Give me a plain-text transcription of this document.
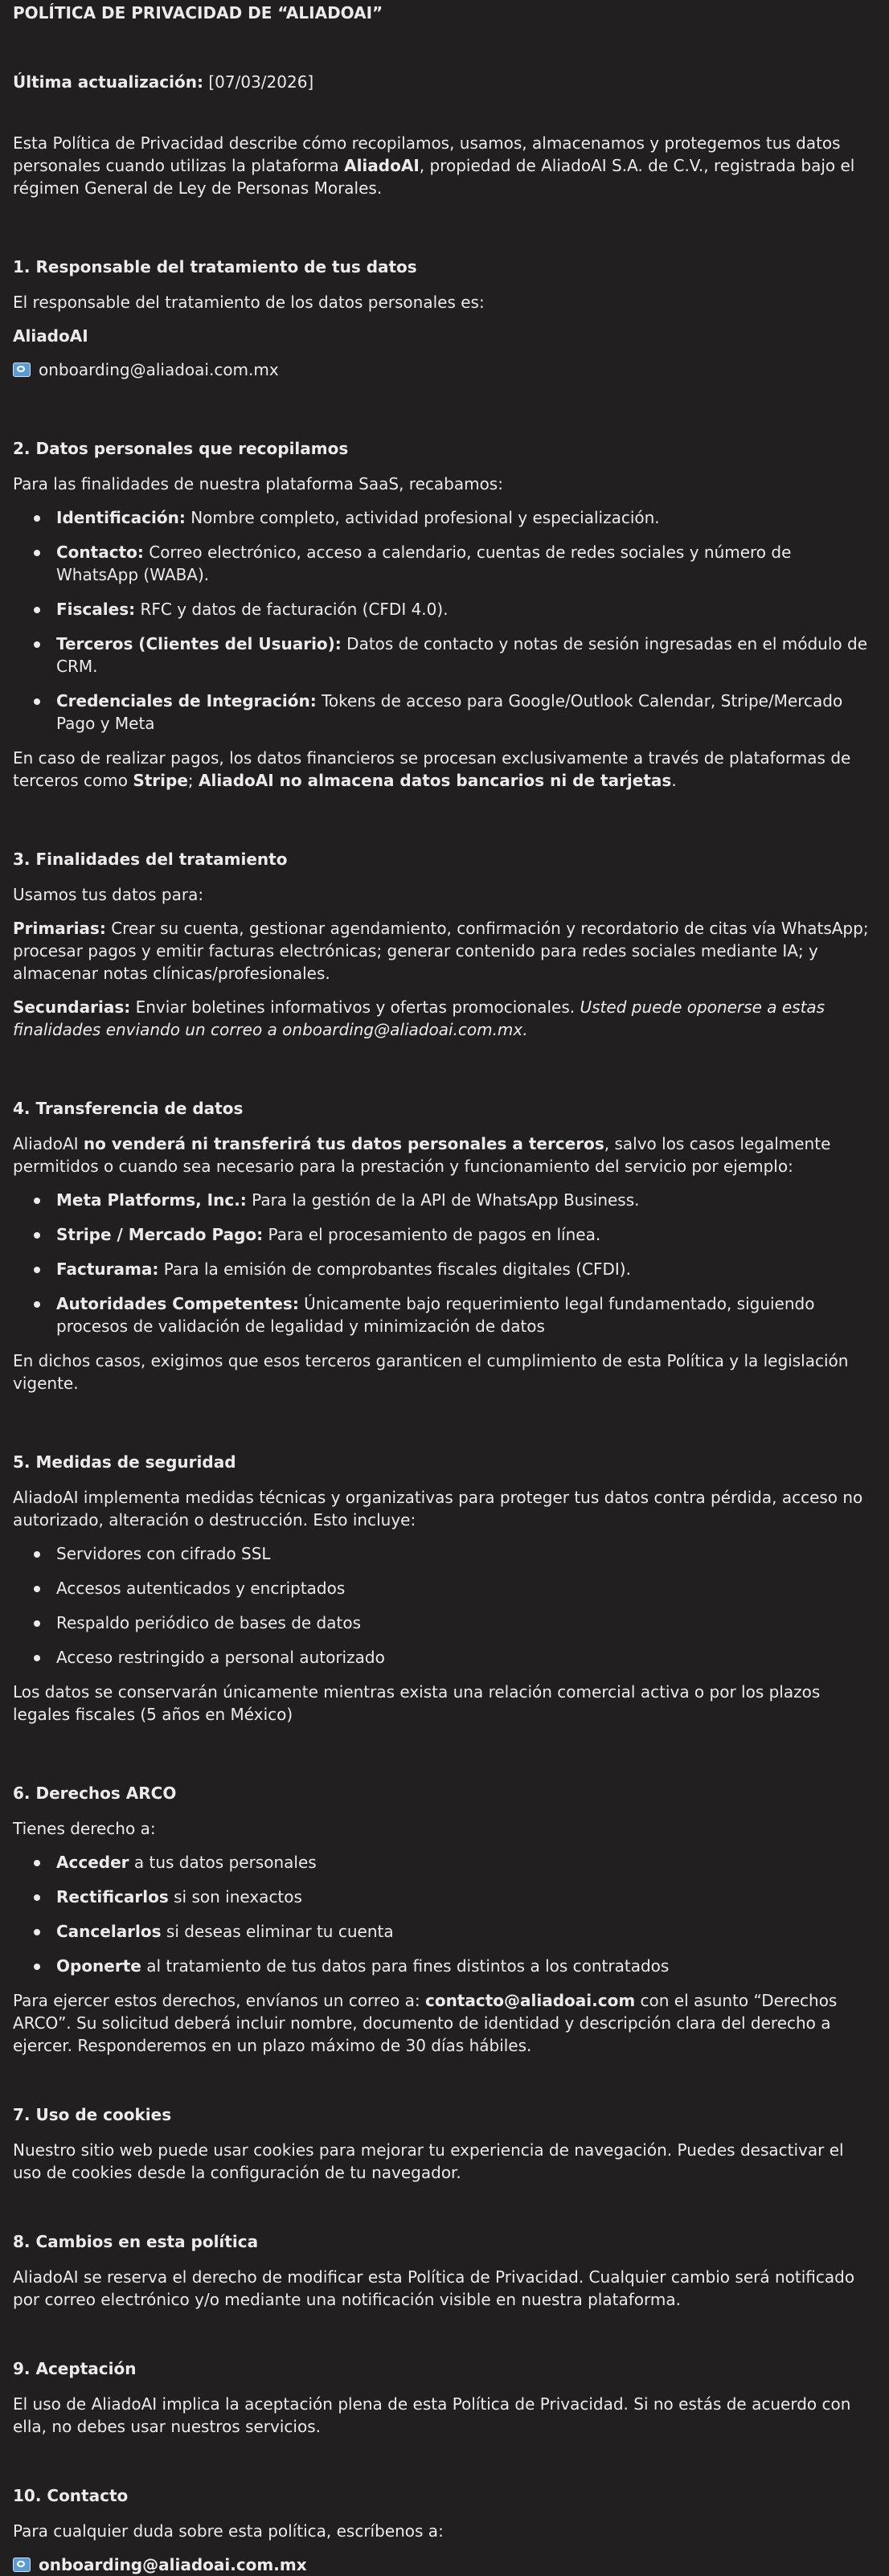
POLÍTICA DE PRIVACIDAD DE “ALIADOAI”

Última actualización: [07/03/2026]

Esta Política de Privacidad describe cómo recopilamos, usamos, almacenamos y protegemos tus datos personales cuando utilizas la plataforma AliadoAI, propiedad de AliadoAI S.A. de C.V., registrada bajo el régimen General de Ley de Personas Morales.

1. Responsable del tratamiento de tus datos

El responsable del tratamiento de los datos personales es:

AliadoAI

onboarding@aliadoai.com.mx
2. Datos personales que recopilamos

Para las finalidades de nuestra plataforma SaaS, recabamos:

Identificación: Nombre completo, actividad profesional y especialización.
Contacto: Correo electrónico, acceso a calendario, cuentas de redes sociales y número de WhatsApp (WABA).
Fiscales: RFC y datos de facturación (CFDI 4.0).
Terceros (Clientes del Usuario): Datos de contacto y notas de sesión ingresadas en el módulo de CRM.
Credenciales de Integración: Tokens de acceso para Google/Outlook Calendar, Stripe/Mercado Pago y Meta

En caso de realizar pagos, los datos financieros se procesan exclusivamente a través de plataformas de terceros como Stripe; AliadoAI no almacena datos bancarios ni de tarjetas.

3. Finalidades del tratamiento

Usamos tus datos para:

Primarias: Crear su cuenta, gestionar agendamiento, confirmación y recordatorio de citas vía WhatsApp; procesar pagos y emitir facturas electrónicas; generar contenido para redes sociales mediante IA; y almacenar notas clínicas/profesionales.

Secundarias: Enviar boletines informativos y ofertas promocionales. Usted puede oponerse a estas finalidades enviando un correo a onboarding@aliadoai.com.mx.

4. Transferencia de datos

AliadoAI no venderá ni transferirá tus datos personales a terceros, salvo los casos legalmente permitidos o cuando sea necesario para la prestación y funcionamiento del servicio por ejemplo:

Meta Platforms, Inc.: Para la gestión de la API de WhatsApp Business.
Stripe / Mercado Pago: Para el procesamiento de pagos en línea.
Facturama: Para la emisión de comprobantes fiscales digitales (CFDI).
Autoridades Competentes: Únicamente bajo requerimiento legal fundamentado, siguiendo procesos de validación de legalidad y minimización de datos

En dichos casos, exigimos que esos terceros garanticen el cumplimiento de esta Política y la legislación vigente.

5. Medidas de seguridad

AliadoAI implementa medidas técnicas y organizativas para proteger tus datos contra pérdida, acceso no autorizado, alteración o destrucción. Esto incluye:

Servidores con cifrado SSL
Accesos autenticados y encriptados
Respaldo periódico de bases de datos
Acceso restringido a personal autorizado

Los datos se conservarán únicamente mientras exista una relación comercial activa o por los plazos legales fiscales (5 años en México)

6. Derechos ARCO

Tienes derecho a:

Acceder a tus datos personales
Rectificarlos si son inexactos
Cancelarlos si deseas eliminar tu cuenta
Oponerte al tratamiento de tus datos para fines distintos a los contratados

Para ejercer estos derechos, envíanos un correo a: contacto@aliadoai.com con el asunto “Derechos ARCO”. Su solicitud deberá incluir nombre, documento de identidad y descripción clara del derecho a ejercer. Responderemos en un plazo máximo de 30 días hábiles.

7. Uso de cookies

Nuestro sitio web puede usar cookies para mejorar tu experiencia de navegación. Puedes desactivar el uso de cookies desde la configuración de tu navegador.

8. Cambios en esta política

AliadoAI se reserva el derecho de modificar esta Política de Privacidad. Cualquier cambio será notificado por correo electrónico y/o mediante una notificación visible en nuestra plataforma.

9. Aceptación

El uso de AliadoAI implica la aceptación plena de esta Política de Privacidad. Si no estás de acuerdo con ella, no debes usar nuestros servicios.

10. Contacto

Para cualquier duda sobre esta política, escríbenos a:

onboarding@aliadoai.com.mx
